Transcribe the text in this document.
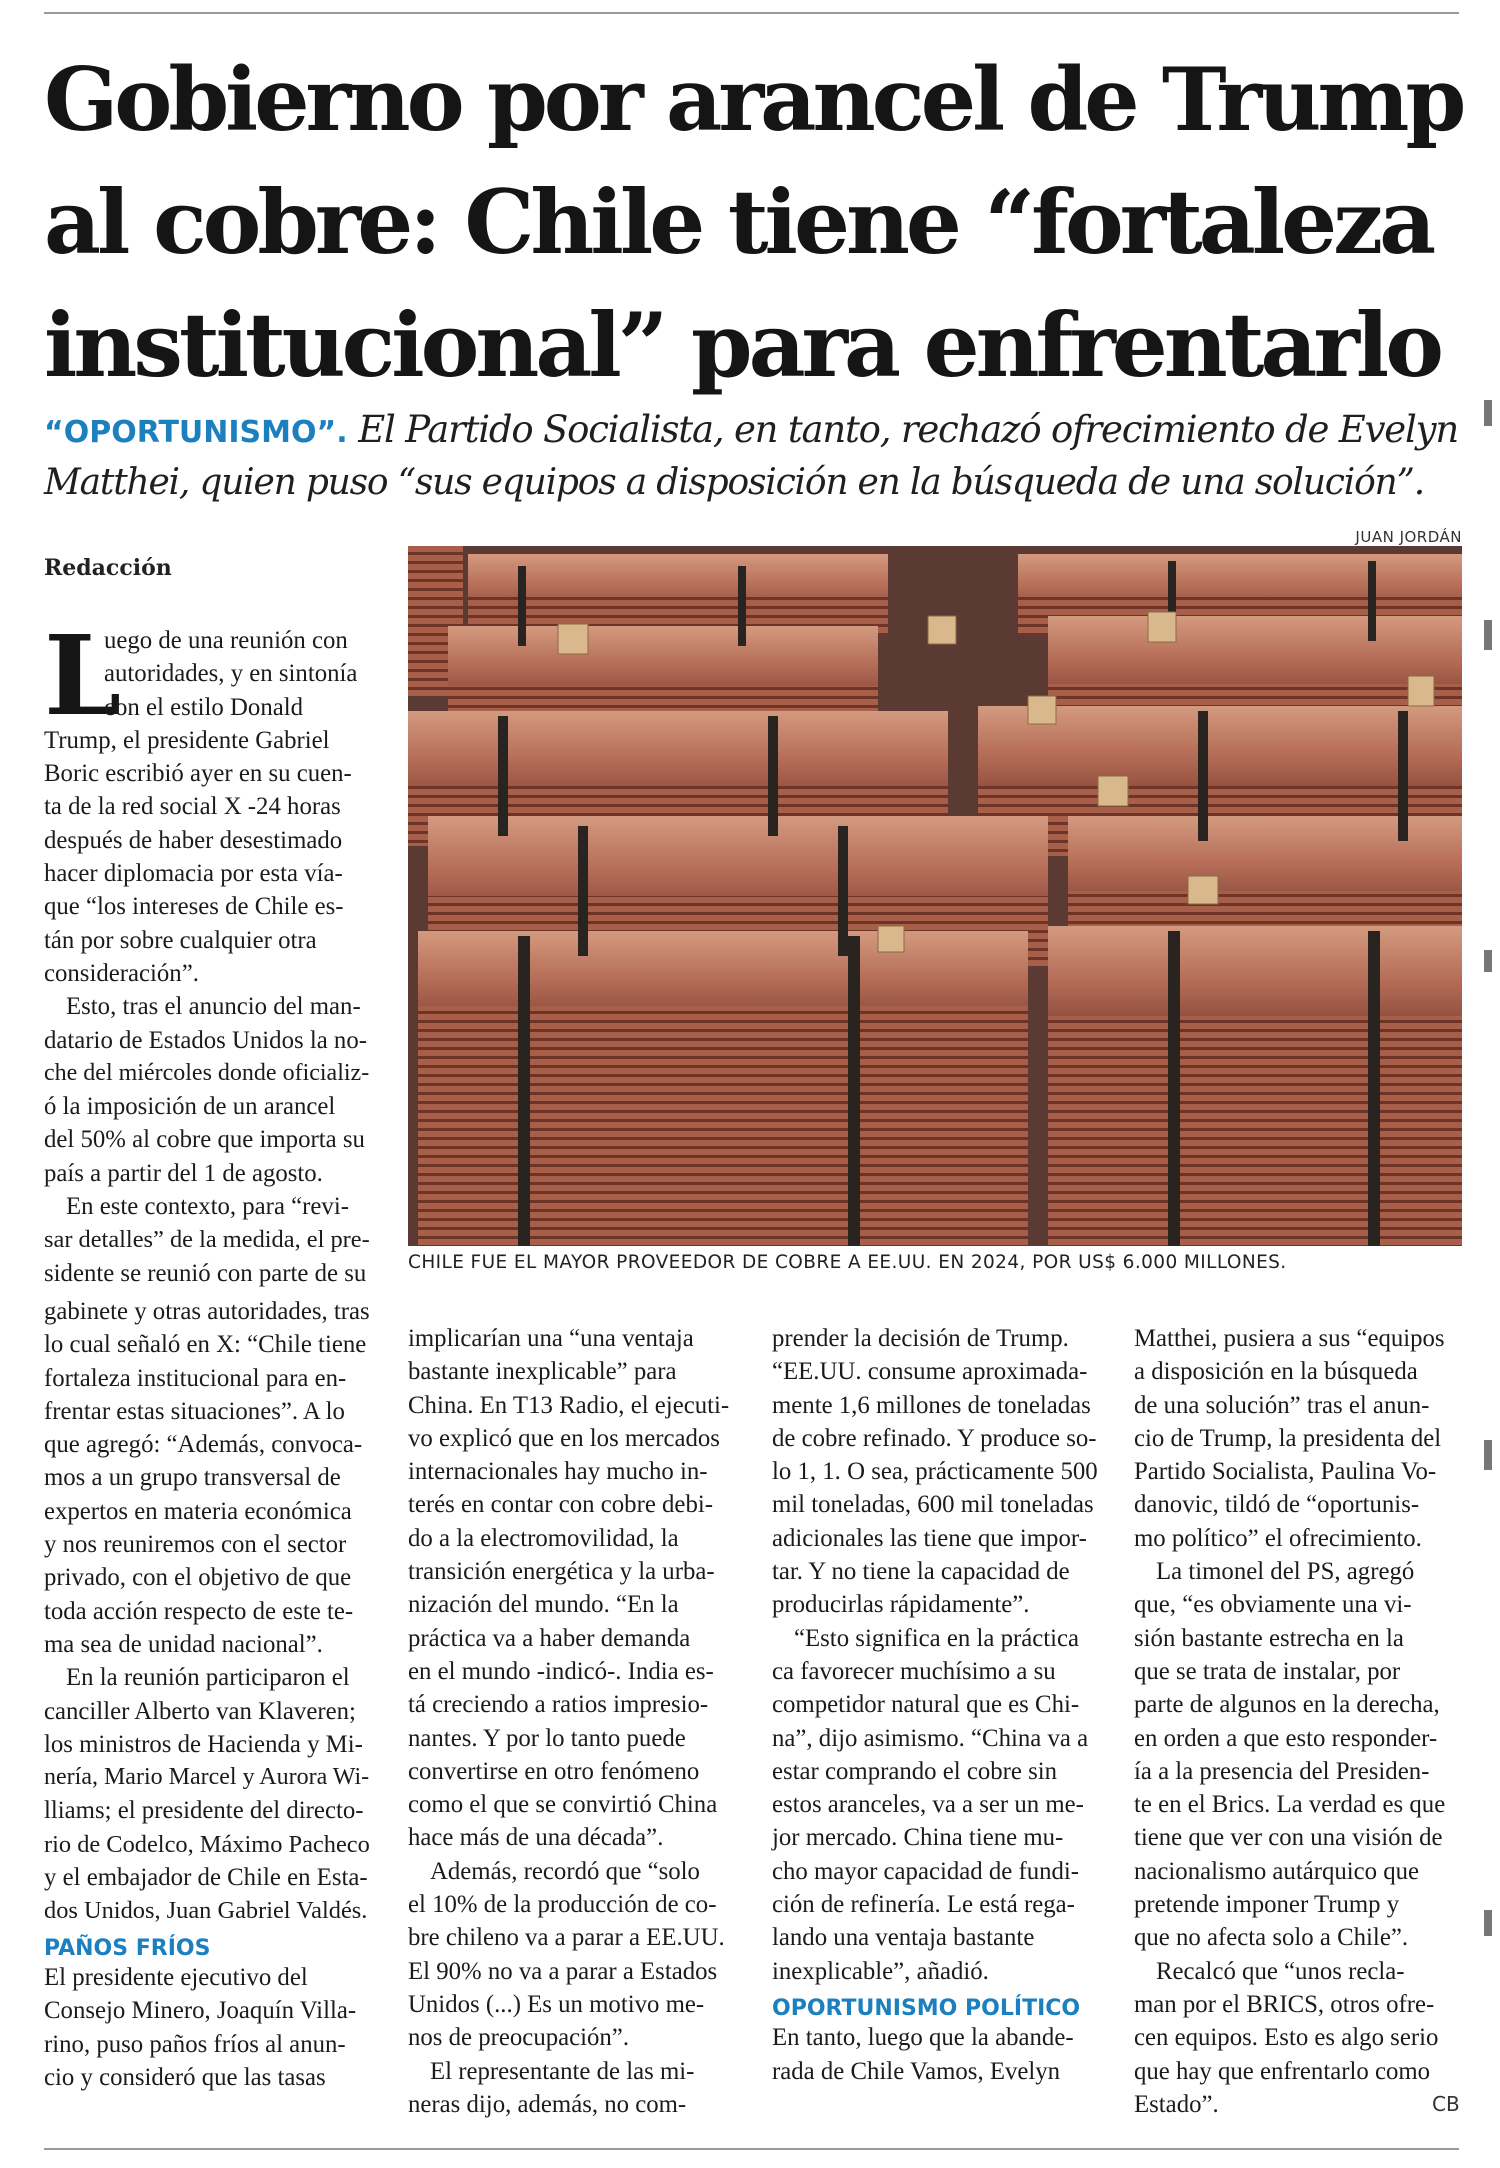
Gobierno por arancel de Trump
al cobre: Chile tiene “fortaleza
institucional” para enfrentarlo
“OPORTUNISMO”. El Partido Socialista, en tanto, rechazó ofrecimiento de Evelyn
Matthei, quien puso “sus equipos a disposición en la búsqueda de una solución”.
JUAN JORDÁN
CHILE FUE EL MAYOR PROVEEDOR DE COBRE A EE.UU. EN 2024, POR US$ 6.000 MILLONES.
Redacción
L
uego de una reunión con
autoridades, y en sintonía
con el estilo Donald
Trump, el presidente Gabriel
Boric escribió ayer en su cuen-
ta de la red social X -24 horas
después de haber desestimado
hacer diplomacia por esta vía-
que “los intereses de Chile es-
tán por sobre cualquier otra
consideración”.
Esto, tras el anuncio del man-
datario de Estados Unidos la no-
che del miércoles donde oficializ-
ó la imposición de un arancel
del 50% al cobre que importa su
país a partir del 1 de agosto.
En este contexto, para “revi-
sar detalles” de la medida, el pre-
sidente se reunió con parte de su
gabinete y otras autoridades, tras
lo cual señaló en X: “Chile tiene
fortaleza institucional para en-
frentar estas situaciones”. A lo
que agregó: “Además, convoca-
mos a un grupo transversal de
expertos en materia económica
y nos reuniremos con el sector
privado, con el objetivo de que
toda acción respecto de este te-
ma sea de unidad nacional”.
En la reunión participaron el
canciller Alberto van Klaveren;
los ministros de Hacienda y Mi-
nería, Mario Marcel y Aurora Wi-
lliams; el presidente del directo-
rio de Codelco, Máximo Pacheco
y el embajador de Chile en Esta-
dos Unidos, Juan Gabriel Valdés.
PAÑOS FRÍOS
El presidente ejecutivo del
Consejo Minero, Joaquín Villa-
rino, puso paños fríos al anun-
cio y consideró que las tasas
implicarían una “una ventaja
bastante inexplicable” para
China. En T13 Radio, el ejecuti-
vo explicó que en los mercados
internacionales hay mucho in-
terés en contar con cobre debi-
do a la electromovilidad, la
transición energética y la urba-
nización del mundo. “En la
práctica va a haber demanda
en el mundo -indicó-. India es-
tá creciendo a ratios impresio-
nantes. Y por lo tanto puede
convertirse en otro fenómeno
como el que se convirtió China
hace más de una década”.
Además, recordó que “solo
el 10% de la producción de co-
bre chileno va a parar a EE.UU.
El 90% no va a parar a Estados
Unidos (...) Es un motivo me-
nos de preocupación”.
El representante de las mi-
neras dijo, además, no com-
prender la decisión de Trump.
“EE.UU. consume aproximada-
mente 1,6 millones de toneladas
de cobre refinado. Y produce so-
lo 1, 1. O sea, prácticamente 500
mil toneladas, 600 mil toneladas
adicionales las tiene que impor-
tar. Y no tiene la capacidad de
producirlas rápidamente”.
“Esto significa en la práctica
ca favorecer muchísimo a su
competidor natural que es Chi-
na”, dijo asimismo. “China va a
estar comprando el cobre sin
estos aranceles, va a ser un me-
jor mercado. China tiene mu-
cho mayor capacidad de fundi-
ción de refinería. Le está rega-
lando una ventaja bastante
inexplicable”, añadió.
OPORTUNISMO POLÍTICO
En tanto, luego que la abande-
rada de Chile Vamos, Evelyn
Matthei, pusiera a sus “equipos
a disposición en la búsqueda
de una solución” tras el anun-
cio de Trump, la presidenta del
Partido Socialista, Paulina Vo-
danovic, tildó de “oportunis-
mo político” el ofrecimiento.
La timonel del PS, agregó
que, “es obviamente una vi-
sión bastante estrecha en la
que se trata de instalar, por
parte de algunos en la derecha,
en orden a que esto responder-
ía a la presencia del Presiden-
te en el Brics. La verdad es que
tiene que ver con una visión de
nacionalismo autárquico que
pretende imponer Trump y
que no afecta solo a Chile”.
Recalcó que “unos recla-
man por el BRICS, otros ofre-
cen equipos. Esto es algo serio
que hay que enfrentarlo como
Estado”.	CB
